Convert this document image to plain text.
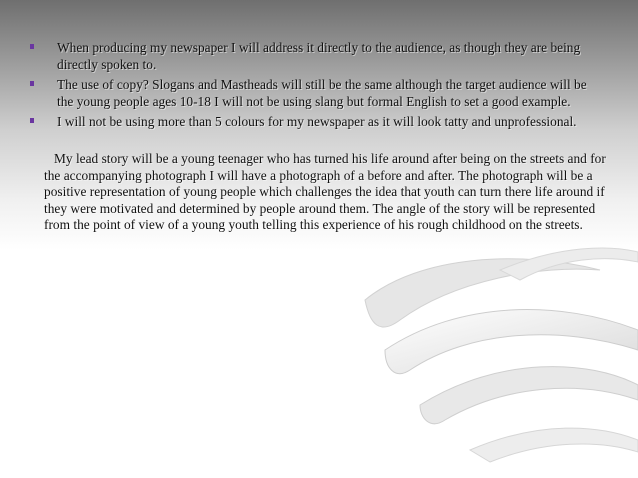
When producing my newspaper I will address it directly to the audience, as though they are being directly spoken to.
The use of copy? Slogans and Mastheads will still be the same although the target audience will be the young people ages 10-18 I will not be using slang but formal English to set a good example.
I will not be using more than 5 colours for my newspaper as it will look tatty and unprofessional.

My lead story will be a young teenager who has turned his life around after being on the streets and for the accompanying photograph I will have a photograph of a before and after. The photograph will be a positive representation of young people which challenges the idea that youth can turn there life around if they were motivated and determined by people around them. The angle of the story will be represented from the point of view of a young youth telling this experience of his rough childhood on the streets.
